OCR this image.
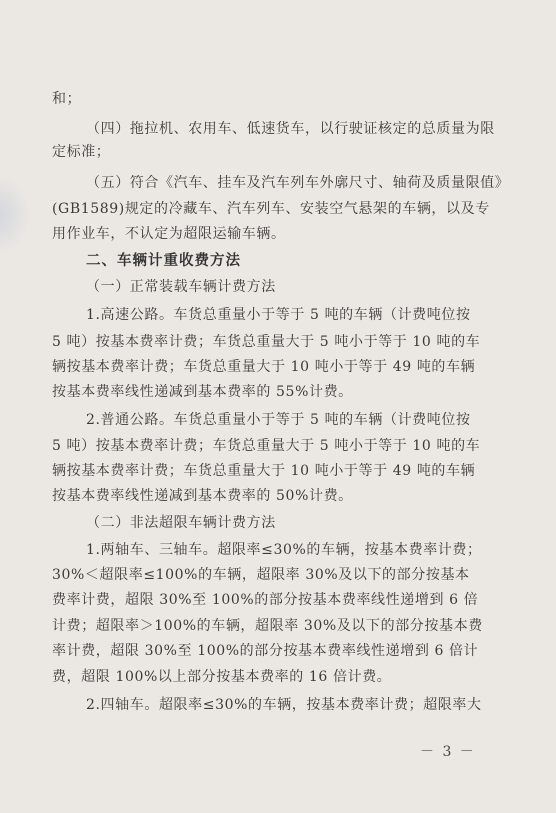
和；
（四）拖拉机、农用车、低速货车，以行驶证核定的总质量为限
定标准；
（五）符合《汽车、挂车及汽车列车外廓尺寸、轴荷及质量限值》
(GB1589)规定的冷藏车、汽车列车、安装空气悬架的车辆，以及专
用作业车，不认定为超限运输车辆。
二、车辆计重收费方法
（一）正常装载车辆计费方法
1.高速公路。车货总重量小于等于 5 吨的车辆（计费吨位按
5 吨）按基本费率计费；车货总重量大于 5 吨小于等于 10 吨的车
辆按基本费率计费；车货总重量大于 10 吨小于等于 49 吨的车辆
按基本费率线性递减到基本费率的 55%计费。
2.普通公路。车货总重量小于等于 5 吨的车辆（计费吨位按
5 吨）按基本费率计费；车货总重量大于 5 吨小于等于 10 吨的车
辆按基本费率计费；车货总重量大于 10 吨小于等于 49 吨的车辆
按基本费率线性递减到基本费率的 50%计费。
（二）非法超限车辆计费方法
1.两轴车、三轴车。超限率≤30%的车辆，按基本费率计费；
30%＜超限率≤100%的车辆，超限率 30%及以下的部分按基本
费率计费，超限 30%至 100%的部分按基本费率线性递增到 6 倍
计费；超限率＞100%的车辆，超限率 30%及以下的部分按基本费
率计费，超限 30%至 100%的部分按基本费率线性递增到 6 倍计
费，超限 100%以上部分按基本费率的 16 倍计费。
2.四轴车。超限率≤30%的车辆，按基本费率计费；超限率大
－ 3 －
